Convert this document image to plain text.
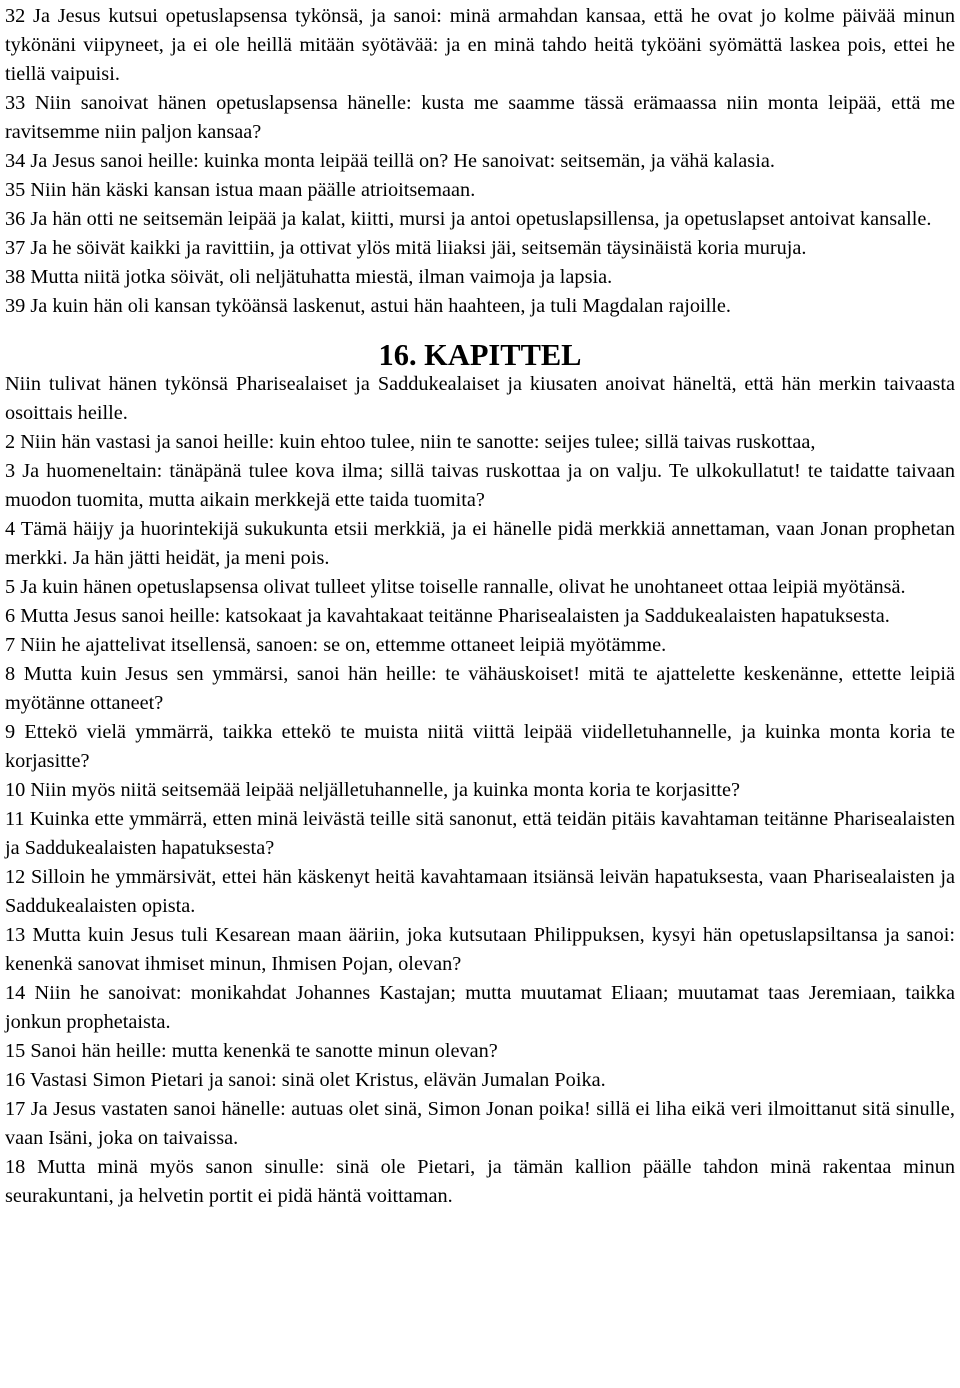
32 Ja Jesus kutsui opetuslapsensa tykönsä, ja sanoi: minä armahdan kansaa, että he ovat jo kolme päivää minun tykönäni viipyneet, ja ei ole heillä mitään syötävää: ja en minä tahdo heitä tyköäni syömättä laskea pois, ettei he tiellä vaipuisi.

33 Niin sanoivat hänen opetuslapsensa hänelle: kusta me saamme tässä erämaassa niin monta leipää, että me ravitsemme niin paljon kansaa?

34 Ja Jesus sanoi heille: kuinka monta leipää teillä on? He sanoivat: seitsemän, ja vähä kalasia.

35 Niin hän käski kansan istua maan päälle atrioitsemaan.

36 Ja hän otti ne seitsemän leipää ja kalat, kiitti, mursi ja antoi opetuslapsillensa, ja opetuslapset antoivat kansalle.

37 Ja he söivät kaikki ja ravittiin, ja ottivat ylös mitä liiaksi jäi, seitsemän täysinäistä koria muruja.

38 Mutta niitä jotka söivät, oli neljätuhatta miestä, ilman vaimoja ja lapsia.

39 Ja kuin hän oli kansan tyköänsä laskenut, astui hän haahteen, ja tuli Magdalan rajoille.

16. KAPITTEL

Niin tulivat hänen tykönsä Pharisealaiset ja Saddukealaiset ja kiusaten anoivat häneltä, että hän merkin taivaasta osoittais heille.

2 Niin hän vastasi ja sanoi heille: kuin ehtoo tulee, niin te sanotte: seijes tulee; sillä taivas ruskottaa,

3 Ja huomeneltain: tänäpänä tulee kova ilma; sillä taivas ruskottaa ja on valju. Te ulkokullatut! te taidatte taivaan muodon tuomita, mutta aikain merkkejä ette taida tuomita?

4 Tämä häijy ja huorintekijä sukukunta etsii merkkiä, ja ei hänelle pidä merkkiä annettaman, vaan Jonan prophetan merkki. Ja hän jätti heidät, ja meni pois.

5 Ja kuin hänen opetuslapsensa olivat tulleet ylitse toiselle rannalle, olivat he unohtaneet ottaa leipiä myötänsä.

6 Mutta Jesus sanoi heille: katsokaat ja kavahtakaat teitänne Pharisealaisten ja Saddukealaisten hapatuksesta.

7 Niin he ajattelivat itsellensä, sanoen: se on, ettemme ottaneet leipiä myötämme.

8 Mutta kuin Jesus sen ymmärsi, sanoi hän heille: te vähäuskoiset! mitä te ajattelette keskenänne, ettette leipiä myötänne ottaneet?

9 Ettekö vielä ymmärrä, taikka ettekö te muista niitä viittä leipää viidelletuhannelle, ja kuinka monta koria te korjasitte?

10 Niin myös niitä seitsemää leipää neljälletuhannelle, ja kuinka monta koria te korjasitte?

11 Kuinka ette ymmärrä, etten minä leivästä teille sitä sanonut, että teidän pitäis kavahtaman teitänne Pharisealaisten ja Saddukealaisten hapatuksesta?

12 Silloin he ymmärsivät, ettei hän käskenyt heitä kavahtamaan itsiänsä leivän hapatuksesta, vaan Pharisealaisten ja Saddukealaisten opista.

13 Mutta kuin Jesus tuli Kesarean maan ääriin, joka kutsutaan Philippuksen, kysyi hän opetuslapsiltansa ja sanoi: kenenkä sanovat ihmiset minun, Ihmisen Pojan, olevan?

14 Niin he sanoivat: monikahdat Johannes Kastajan; mutta muutamat Eliaan; muutamat taas Jeremiaan, taikka jonkun prophetaista.

15 Sanoi hän heille: mutta kenenkä te sanotte minun olevan?

16 Vastasi Simon Pietari ja sanoi: sinä olet Kristus, elävän Jumalan Poika.

17 Ja Jesus vastaten sanoi hänelle: autuas olet sinä, Simon Jonan poika! sillä ei liha eikä veri ilmoittanut sitä sinulle, vaan Isäni, joka on taivaissa.

18 Mutta minä myös sanon sinulle: sinä ole Pietari, ja tämän kallion päälle tahdon minä rakentaa minun seurakuntani, ja helvetin portit ei pidä häntä voittaman.
